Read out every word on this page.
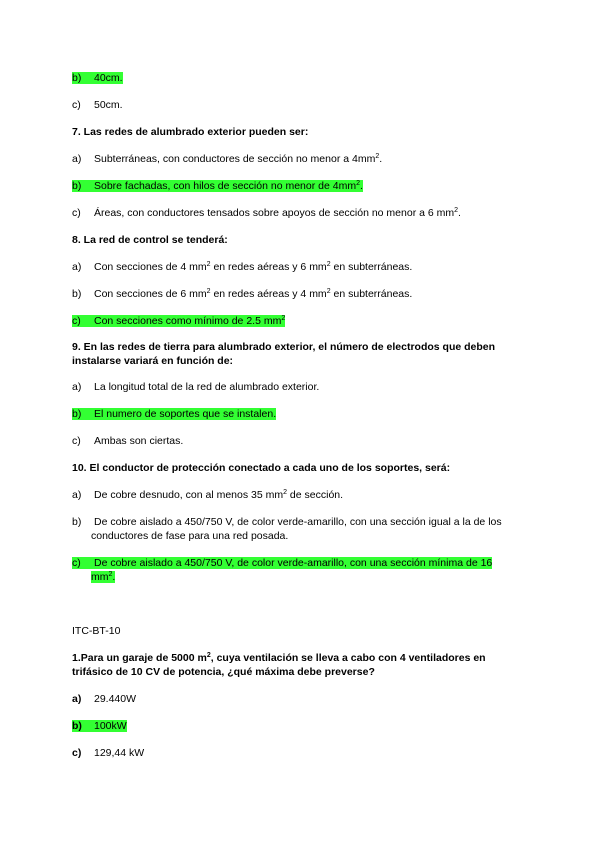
b) 40cm.
c) 50cm.
7. Las redes de alumbrado exterior pueden ser:
a) Subterráneas, con conductores de sección no menor a $4mm^2$.
b) Sobre fachadas, con hilos de sección no menor de $4mm^2$.
c) Áreas, con conductores tensados sobre apoyos de sección no menor a 6 $mm^2$.
8. La red de control se tenderá:
a) Con secciones de 4 $mm^2$ en redes aéreas y 6 $mm^2$ en subterráneas.
b) Con secciones de 6 $mm^2$ en redes aéreas y 4 $mm^2$ en subterráneas.
c) Con secciones como mínimo de 2.5 $mm^2$
9. En las redes de tierra para alumbrado exterior, el número de electrodos que deben
instalarse variará en función de:
a) La longitud total de la red de alumbrado exterior.
b) El numero de soportes que se instalen.
c) Ambas son ciertas.
10. El conductor de protección conectado a cada uno de los soportes, será:
a) De cobre desnudo, con al menos 35 $mm^2$ de sección.
b) De cobre aislado a 450/750 V, de color verde-amarillo, con una sección igual a la de los
conductores de fase para una red posada.
c) De cobre aislado a 450/750 V, de color verde-amarillo, con una sección mínima de 16
$mm^2$.
ITC-BT-10
1.Para un garaje de 5000 $m^2$, cuya ventilación se lleva a cabo con 4 ventiladores en
trifásico de 10 CV de potencia, ¿qué máxima debe preverse?
a) 29.440W
b) 100kW
c) 129,44 kW
